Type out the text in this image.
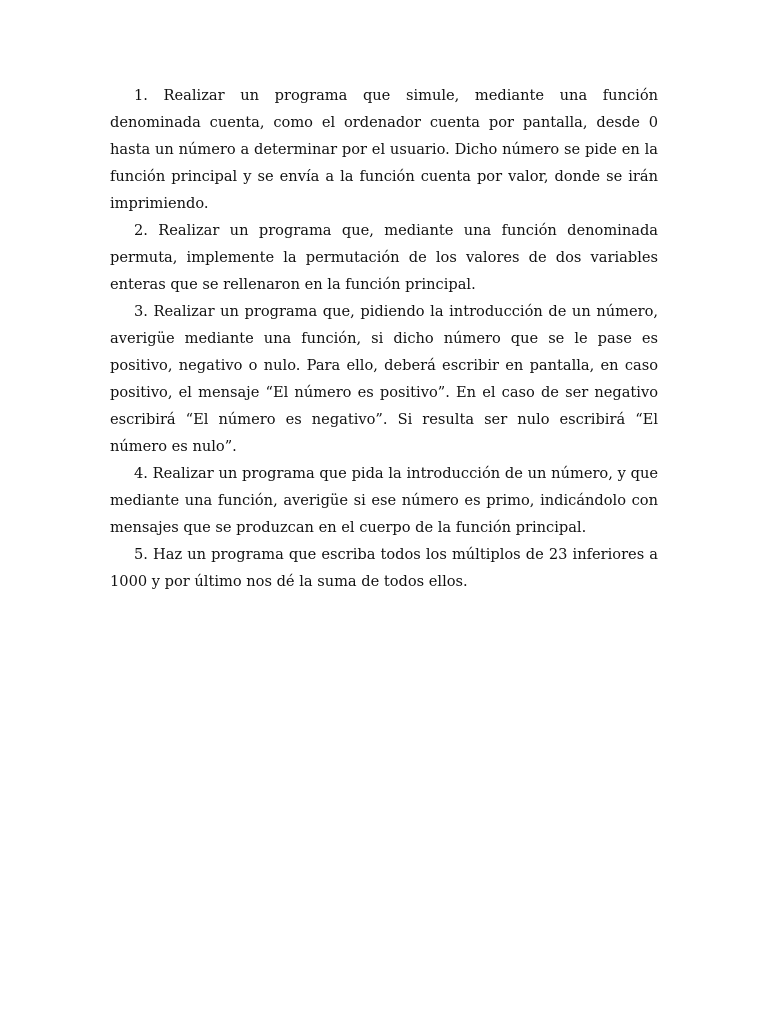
1. Realizar un programa que simule, mediante una función denominada cuenta, como el ordenador cuenta por pantalla, desde 0 hasta un número a determinar por el usuario. Dicho número se pide en la función principal y se envía a la función cuenta por valor, donde se irán imprimiendo.

2. Realizar un programa que, mediante una función denominada permuta, implemente la permutación de los valores de dos variables enteras que se rellenaron en la función principal.

3. Realizar un programa que, pidiendo la introducción de un número, averigüe mediante una función, si dicho número que se le pase es positivo, negativo o nulo. Para ello, deberá escribir en pantalla, en caso positivo, el mensaje “El número es positivo”. En el caso de ser negativo escribirá “El número es negativo”. Si resulta ser nulo escribirá “El número es nulo”.

4. Realizar un programa que pida la introducción de un número, y que mediante una función, averigüe si ese número es primo, indicándolo con mensajes que se produzcan en el cuerpo de la función principal.

5. Haz un programa que escriba todos los múltiplos de 23 inferiores a 1000 y por último nos dé la suma de todos ellos.
